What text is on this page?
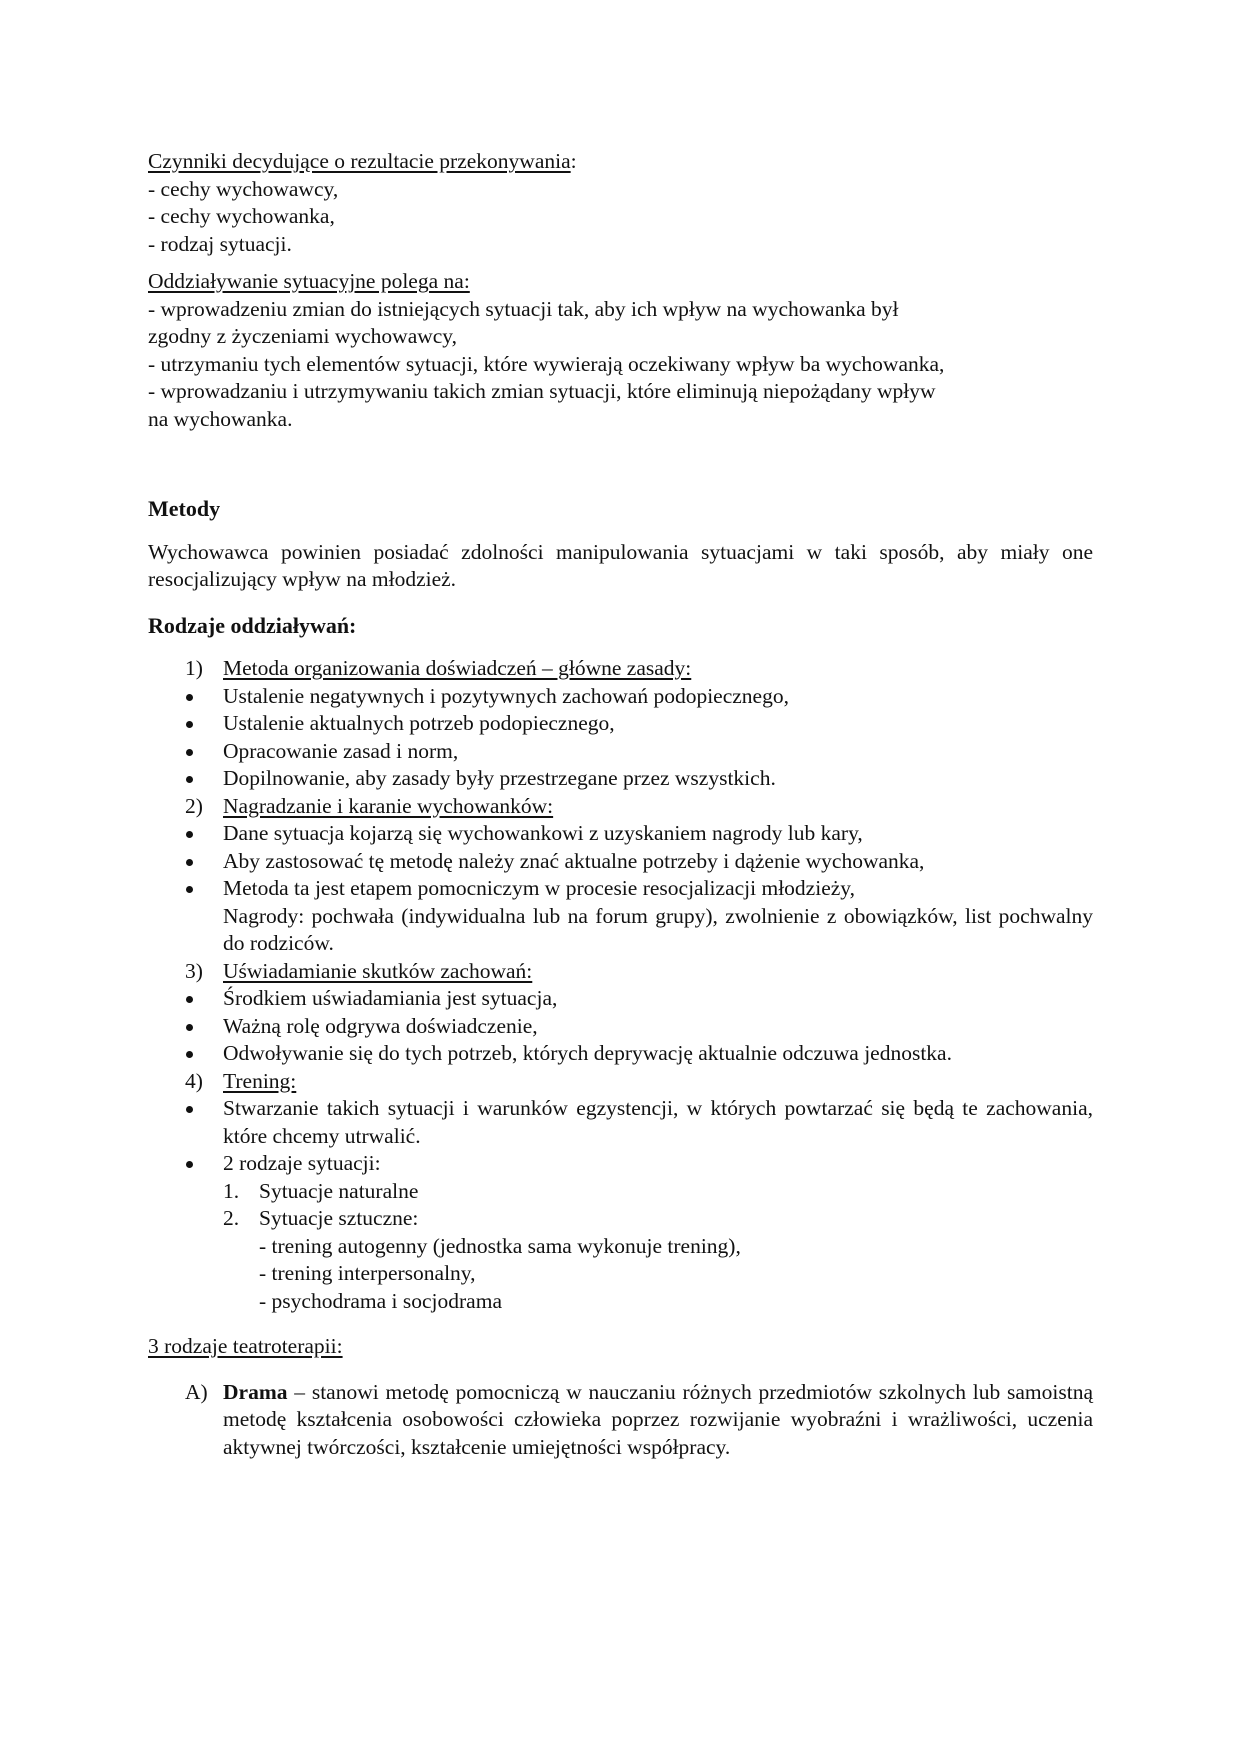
Czynniki decydujące o rezultacie przekonywania:

- cechy wychowawcy,
- cechy wychowanka,
- rodzaj sytuacji.

Oddziaływanie sytuacyjne polega na:

- wprowadzeniu zmian do istniejących sytuacji tak, aby ich wpływ na wychowanka był
zgodny z życzeniami wychowawcy,
- utrzymaniu tych elementów sytuacji, które wywierają oczekiwany wpływ ba wychowanka,
- wprowadzaniu i utrzymywaniu takich zmian sytuacji, które eliminują niepożądany wpływ
na wychowanka.

Metody

Wychowawca powinien posiadać zdolności manipulowania sytuacjami w taki sposób, aby miały one resocjalizujący wpływ na młodzież.

Rodzaje oddziaływań:

1) Metoda organizowania doświadczeń – główne zasady:
Ustalenie negatywnych i pozytywnych zachowań podopiecznego,
Ustalenie aktualnych potrzeb podopiecznego,
Opracowanie zasad i norm,
Dopilnowanie, aby zasady były przestrzegane przez wszystkich.
2) Nagradzanie i karanie wychowanków:
Dane sytuacja kojarzą się wychowankowi z uzyskaniem nagrody lub kary,
Aby zastosować tę metodę należy znać aktualne potrzeby i dążenie wychowanka,
Metoda ta jest etapem pomocniczym w procesie resocjalizacji młodzieży,
Nagrody: pochwała (indywidualna lub na forum grupy), zwolnienie z obowiązków, list pochwalny do rodziców.
3) Uświadamianie skutków zachowań:
Środkiem uświadamiania jest sytuacja,
Ważną rolę odgrywa doświadczenie,
Odwoływanie się do tych potrzeb, których deprywację aktualnie odczuwa jednostka.
4) Trening:
Stwarzanie takich sytuacji i warunków egzystencji, w których powtarzać się będą te zachowania, które chcemy utrwalić.
2 rodzaje sytuacji:
1. Sytuacje naturalne
2. Sytuacje sztuczne:
- trening autogenny (jednostka sama wykonuje trening),
- trening interpersonalny,
- psychodrama i socjodrama

3 rodzaje teatroterapii:

A) Drama – stanowi metodę pomocniczą w nauczaniu różnych przedmiotów szkolnych lub samoistną metodę kształcenia osobowości człowieka poprzez rozwijanie wyobraźni i wrażliwości, uczenia aktywnej twórczości, kształcenie umiejętności współpracy.
